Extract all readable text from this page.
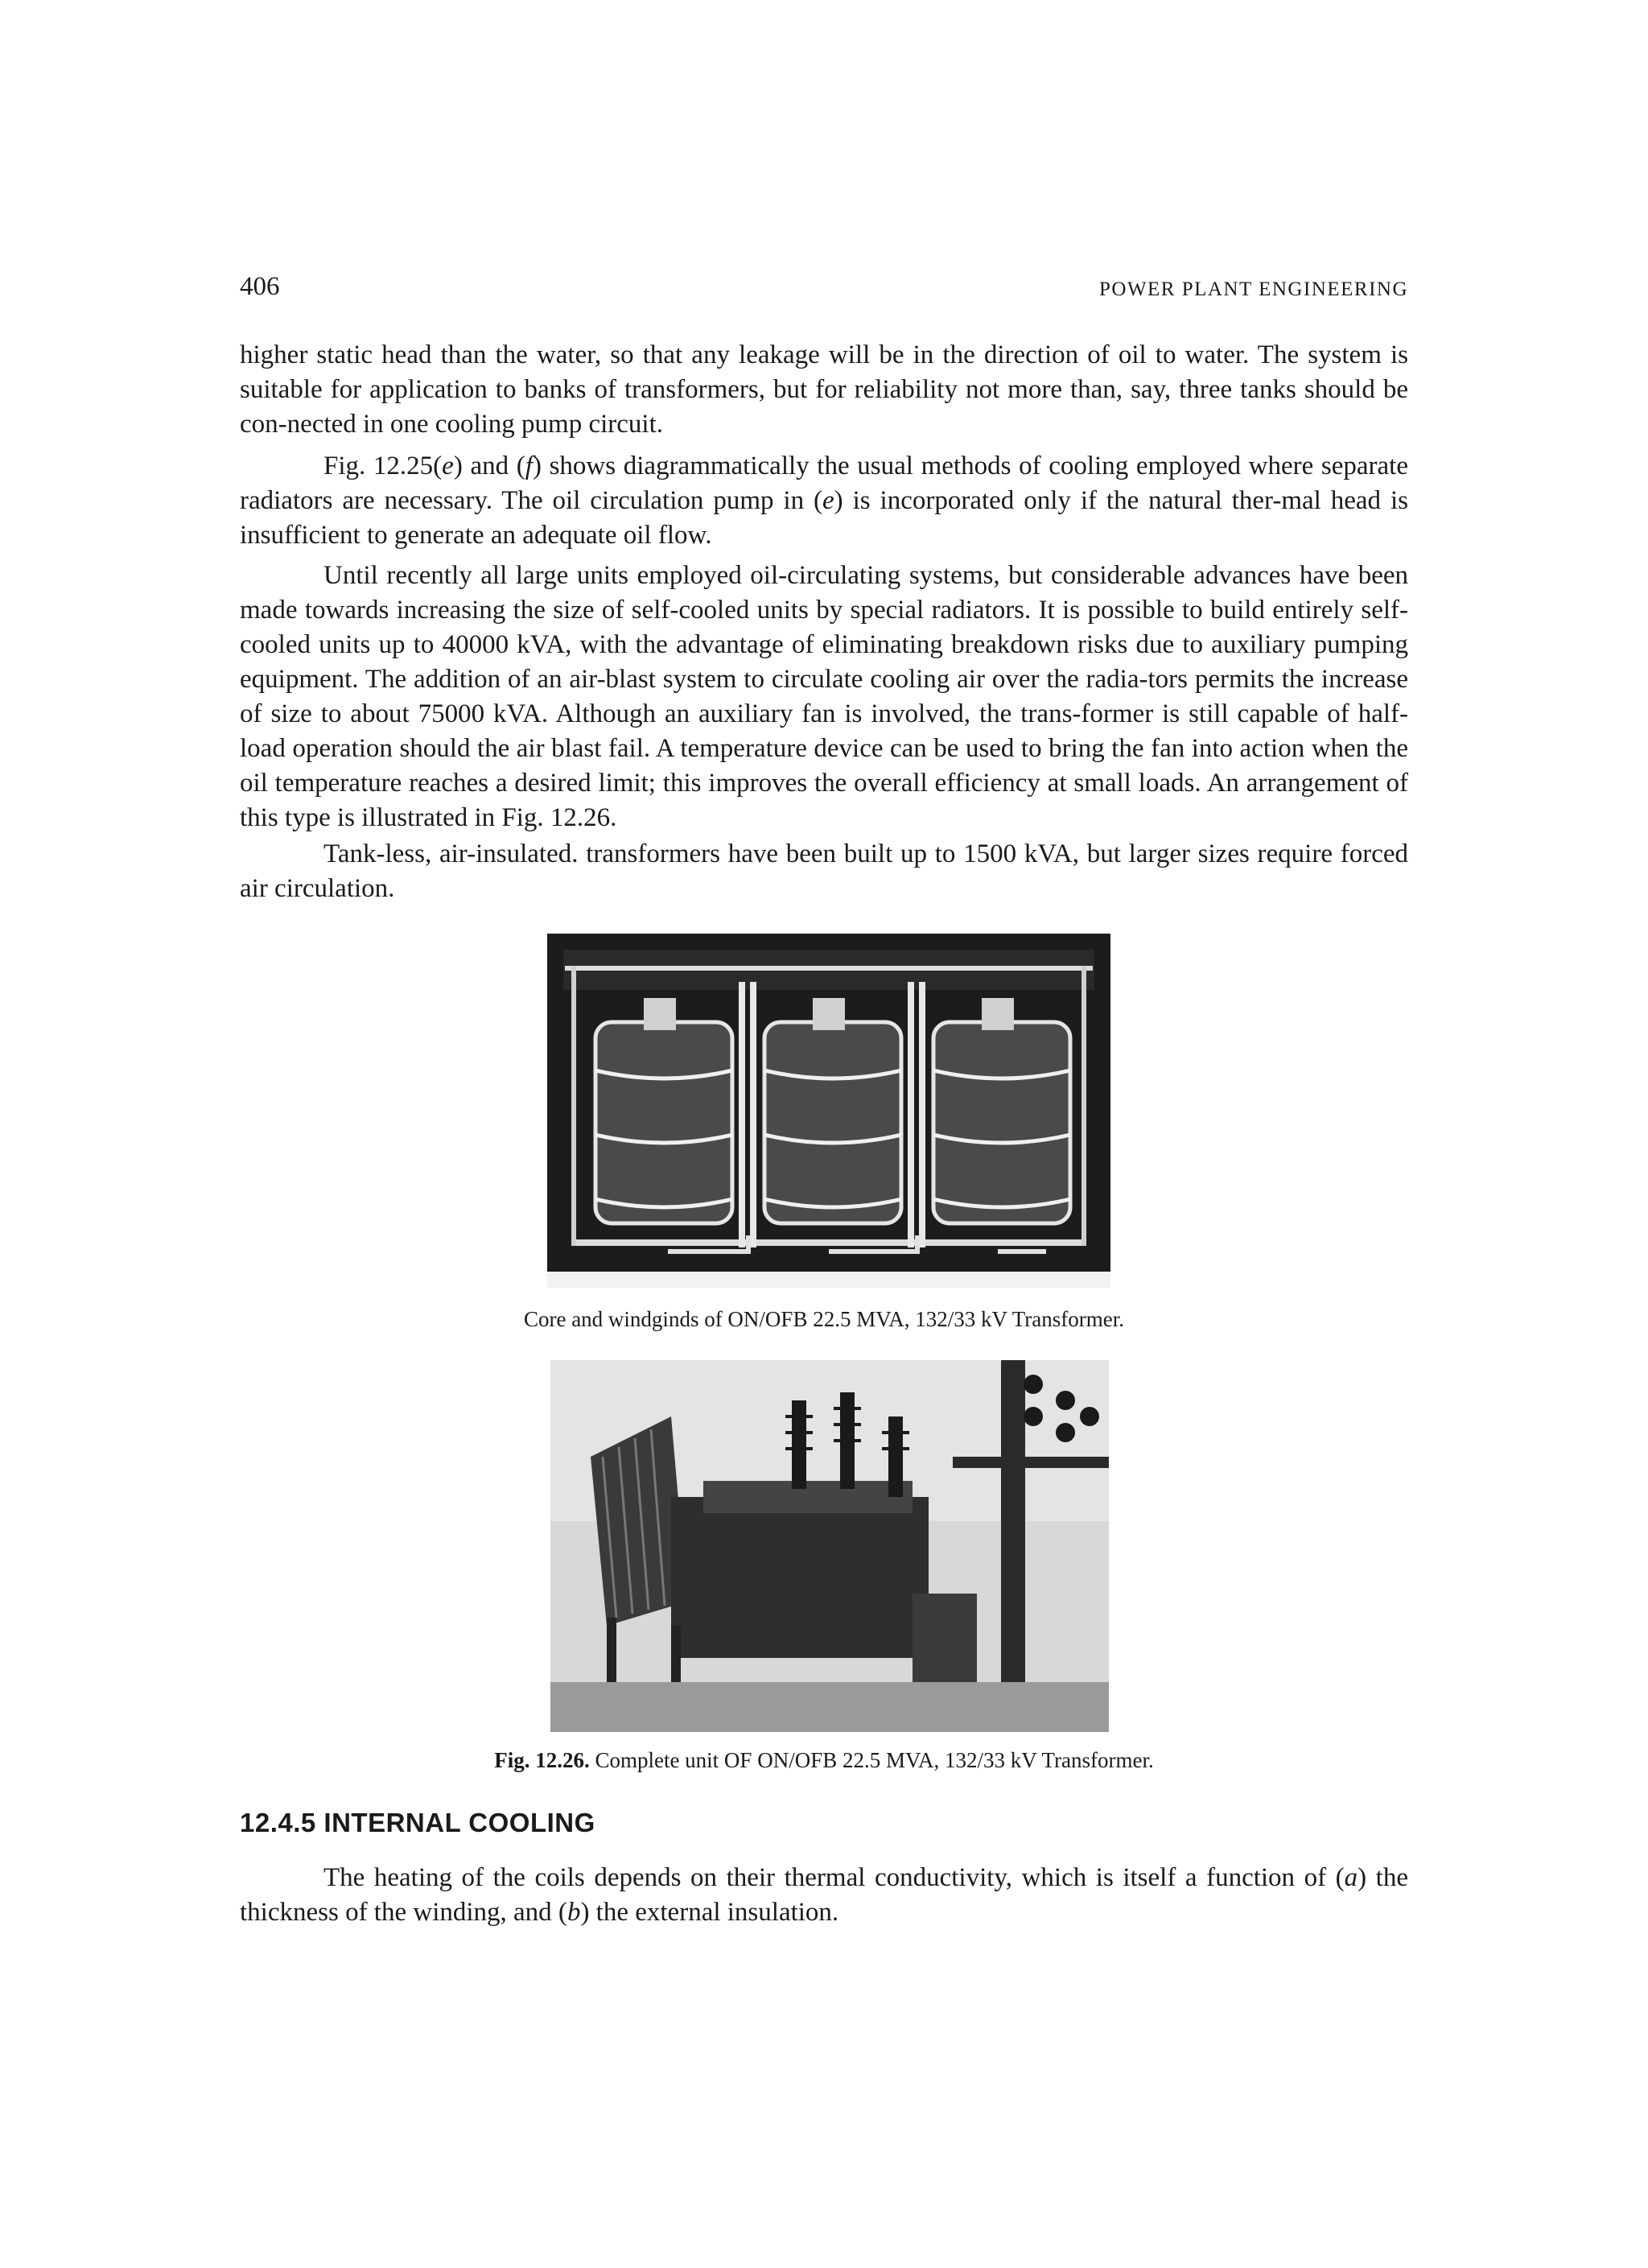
406	POWER PLANT ENGINEERING

higher static head than the water, so that any leakage will be in the direction of oil to water. The system is suitable for application to banks of transformers, but for reliability not more than, say, three tanks should be con-nected in one cooling pump circuit.

Fig. 12.25(e) and (f) shows diagrammatically the usual methods of cooling employed where separate radiators are necessary. The oil circulation pump in (e) is incorporated only if the natural ther-mal head is insufficient to generate an adequate oil flow.

Until recently all large units employed oil-circulating systems, but considerable advances have been made towards increasing the size of self-cooled units by special radiators. It is possible to build entirely self-cooled units up to 40000 kVA, with the advantage of eliminating breakdown risks due to auxiliary pumping equipment. The addition of an air-blast system to circulate cooling air over the radia-tors permits the increase of size to about 75000 kVA. Although an auxiliary fan is involved, the trans-former is still capable of half- load operation should the air blast fail. A temperature device can be used to bring the fan into action when the oil temperature reaches a desired limit; this improves the overall efficiency at small loads. An arrangement of this type is illustrated in Fig. 12.26.

Tank-less, air-insulated. transformers have been built up to 1500 kVA, but larger sizes require forced air circulation.

Core and windginds of ON/OFB 22.5 MVA, 132/33 kV Transformer.
Fig. 12.26. Complete unit OF ON/OFB 22.5 MVA, 132/33 kV Transformer.
12.4.5 INTERNAL COOLING

The heating of the coils depends on their thermal conductivity, which is itself a function of (a) the thickness of the winding, and (b) the external insulation.
